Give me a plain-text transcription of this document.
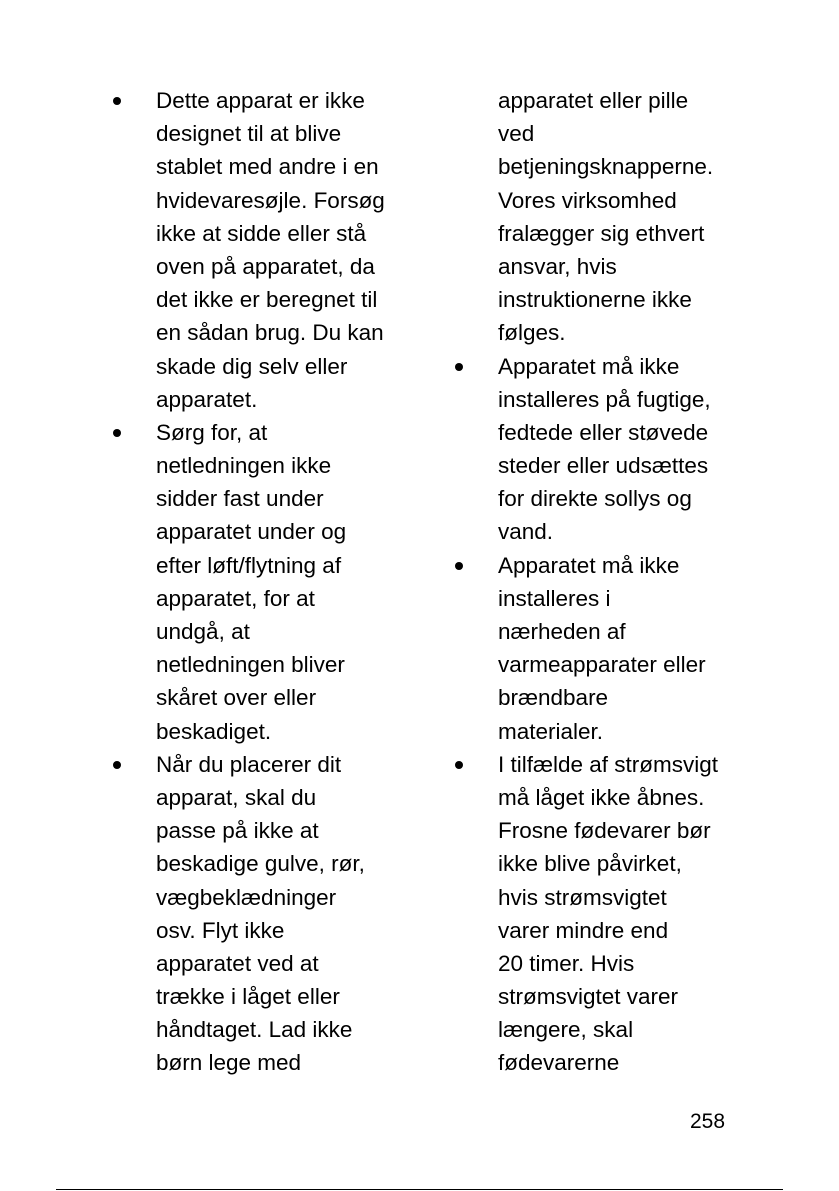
Dette apparat er ikke
designet til at blive
stablet med andre i en
hvidevaresøjle. Forsøg
ikke at sidde eller stå
oven på apparatet, da
det ikke er beregnet til
en sådan brug. Du kan
skade dig selv eller
apparatet.
Sørg for, at
netledningen ikke
sidder fast under
apparatet under og
efter løft/flytning af
apparatet, for at
undgå, at
netledningen bliver
skåret over eller
beskadiget.
Når du placerer dit
apparat, skal du
passe på ikke at
beskadige gulve, rør,
vægbeklædninger
osv. Flyt ikke
apparatet ved at
trække i låget eller
håndtaget. Lad ikke
børn lege med
apparatet eller pille
ved
betjeningsknapperne.
Vores virksomhed
fralægger sig ethvert
ansvar, hvis
instruktionerne ikke
følges.
Apparatet må ikke
installeres på fugtige,
fedtede eller støvede
steder eller udsættes
for direkte sollys og
vand.
Apparatet må ikke
installeres i
nærheden af
varmeapparater eller
brændbare
materialer.
I tilfælde af strømsvigt
må låget ikke åbnes.
Frosne fødevarer bør
ikke blive påvirket,
hvis strømsvigtet
varer mindre end
20 timer. Hvis
strømsvigtet varer
længere, skal
fødevarerne
258
